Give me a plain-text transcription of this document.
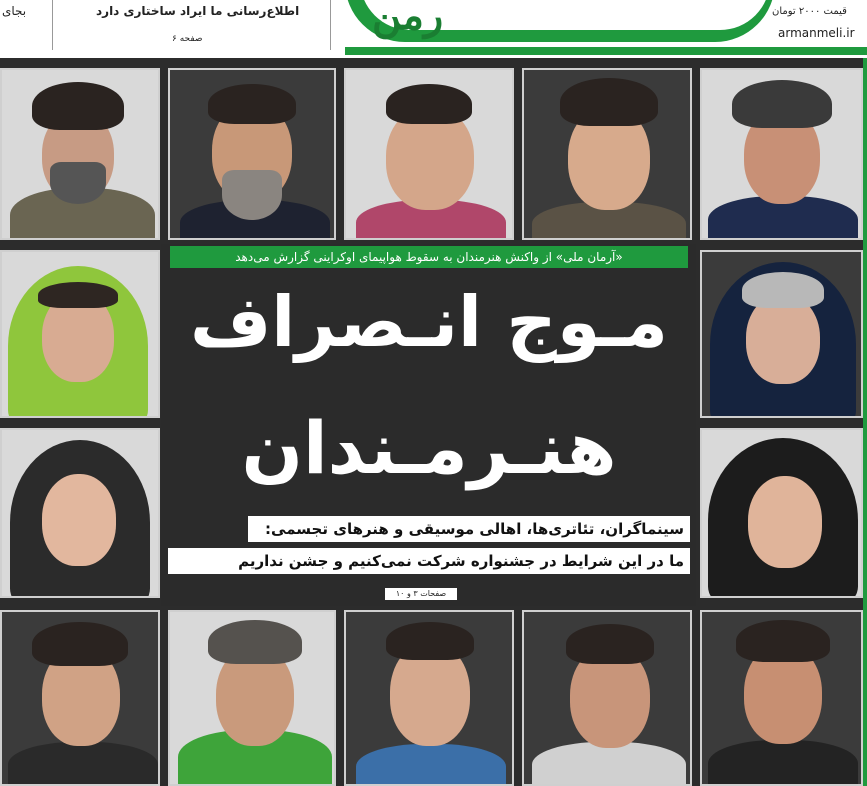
بجای	اطلاع‌رسانی ما ایراد ساختاری دارد
صفحه ۶	رمن	قیمت ۲۰۰۰ تومان
armanmeli.ir
«آرمان ملی» از واکنش هنرمندان به سقوط هواپیمای اوکراینی گزارش می‌دهد
مـوج انـصراف
هنـرمـندان
سینماگران، تئاتری‌ها، اهالی موسیقی و هنرهای تجسمی:
ما در این شرایط در جشنواره شرکت نمی‌کنیم و جشن نداریم
صفحات ۳ و ۱۰
